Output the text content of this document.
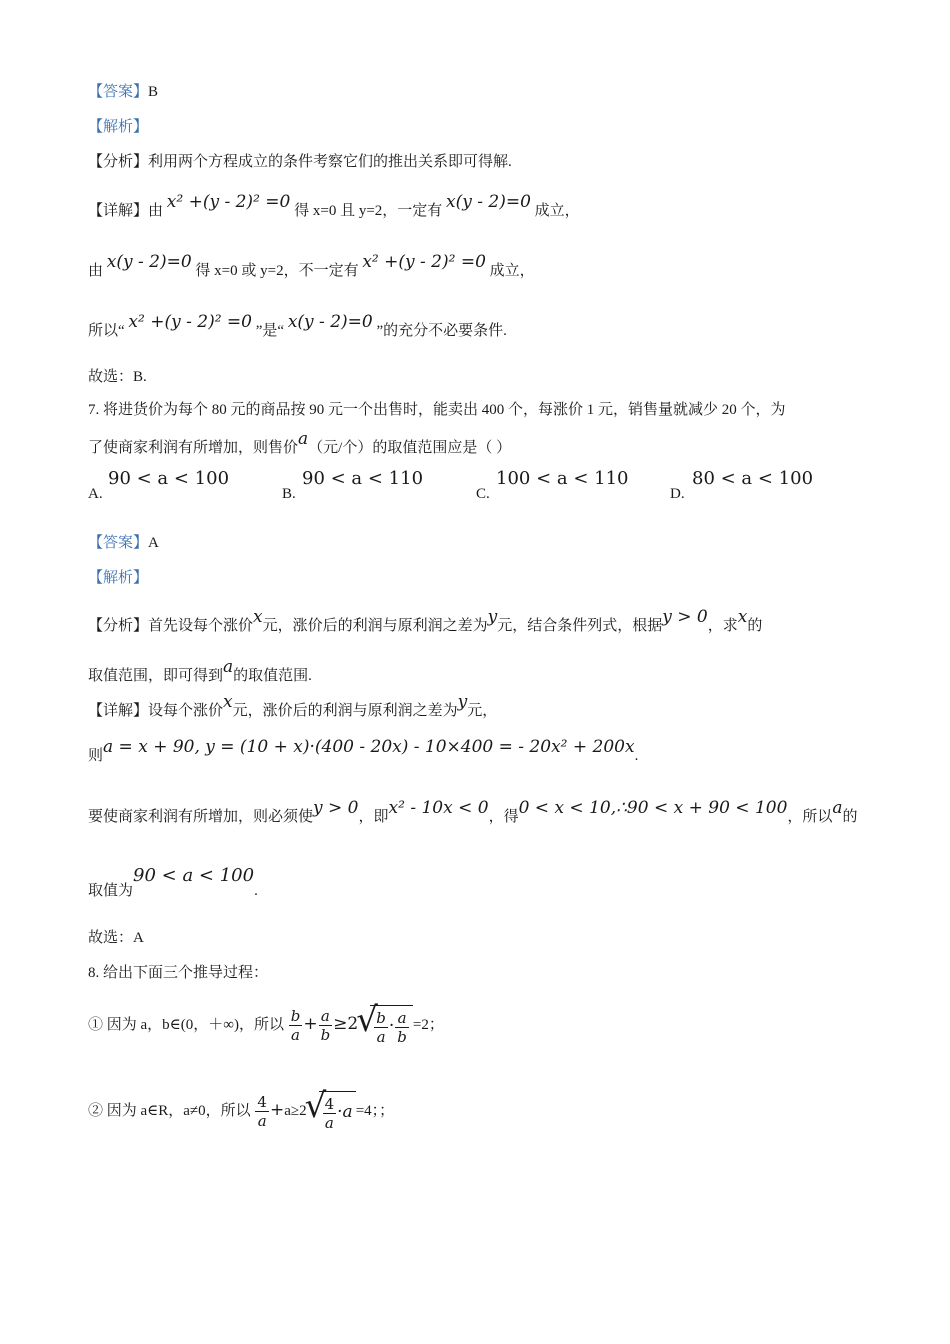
【答案】B
【解析】
【分析】利用两个方程成立的条件考察它们的推出关系即可得解.
【详解】由 x² +(y - 2)² =0 得 x=0 且 y=2，一定有 x(y - 2)=0 成立，
由 x(y - 2)=0 得 x=0 或 y=2，不一定有 x² +(y - 2)² =0 成立，
所以“ x² +(y - 2)² =0 ”是“ x(y - 2)=0 ”的充分不必要条件.
故选：B.
7. 将进货价为每个 80 元的商品按 90 元一个出售时，能卖出 400 个，每涨价 1 元，销售量就减少 20 个，为
了使商家利润有所增加，则售价a（元/个）的取值范围应是（ ）
A.
90 < a < 100
B.
90 < a < 110
C.
100 < a < 110
D.
80 < a < 100
【答案】A
【解析】
【分析】首先设每个涨价x元，涨价后的利润与原利润之差为y元，结合条件列式，根据y > 0，求x的
取值范围，即可得到a的取值范围.
【详解】设每个涨价x元，涨价后的利润与原利润之差为y元，
则a = x + 90, y = (10 + x)·(400 - 20x) - 10×400 = - 20x² + 200x.
要使商家利润有所增加，则必须使y > 0，即x² - 10x < 0，得0 < x < 10,∴90 < x + 90 < 100，所以a的
取值为90 < a < 100.
故选：A
8. 给出下面三个推导过程：
① 因为 a，b∈(0，＋∞)，所以 $\frac{b}{a} + \frac{a}{b} \ge 2$ √ $\frac{b}{a} \cdot \frac{a}{b} =2$；
② 因为 a∈R，a≠0，所以 $\frac{4}{a} +a\ge 2$ √ $\frac{4}{a} \cdot a =4$；；
